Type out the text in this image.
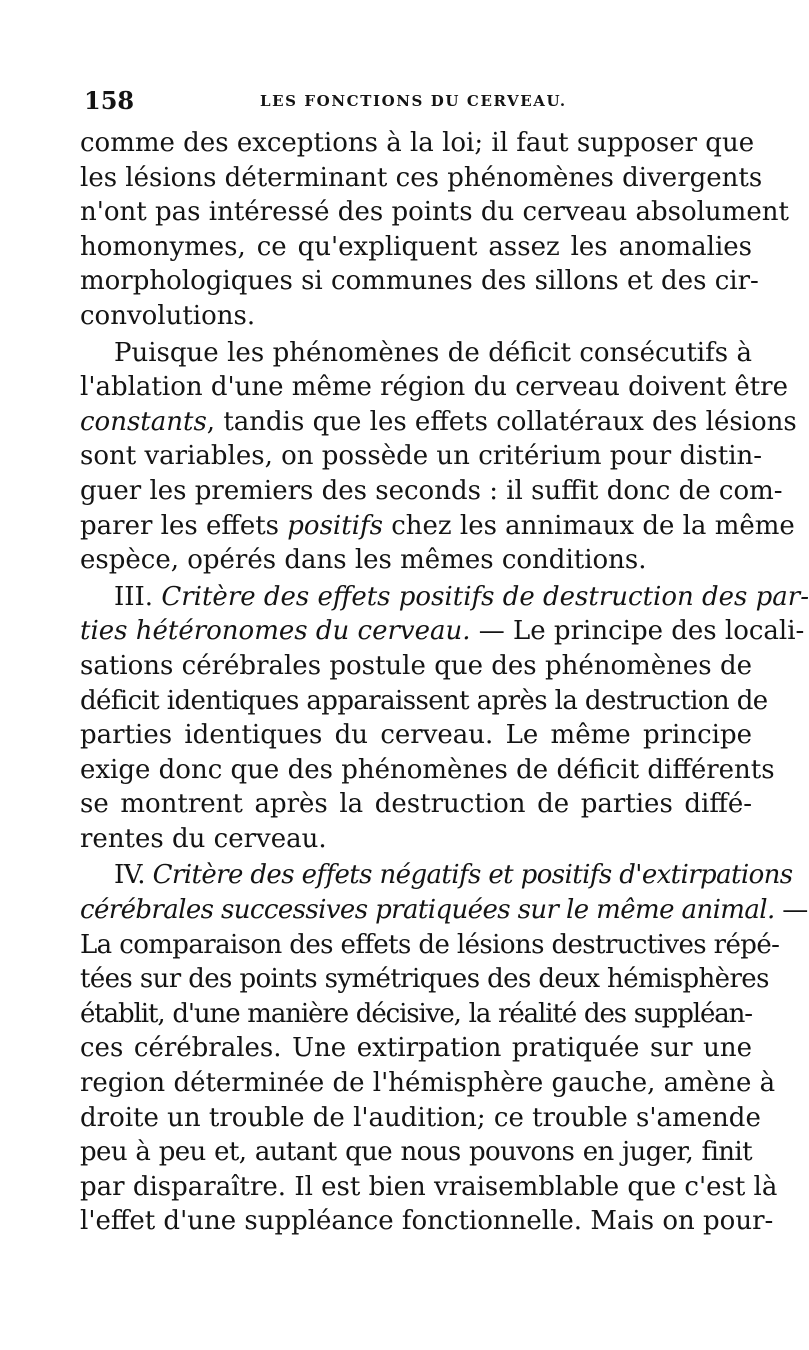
158	LES FONCTIONS DU CERVEAU.
comme des exceptions à la loi; il faut supposer que
les lésions déterminant ces phénomènes divergents
n'ont pas intéressé des points du cerveau absolument
homonymes, ce qu'expliquent assez les anomalies
morphologiques si communes des sillons et des cir-
convolutions.
Puisque les phénomènes de déficit consécutifs à
l'ablation d'une même région du cerveau doivent être
constants, tandis que les effets collatéraux des lésions
sont variables, on possède un critérium pour distin-
guer les premiers des seconds : il suffit donc de com-
parer les effets positifs chez les annimaux de la même
espèce, opérés dans les mêmes conditions.
III. Critère des effets positifs de destruction des par-
ties hétéronomes du cerveau. — Le principe des locali-
sations cérébrales postule que des phénomènes de
déficit identiques apparaissent après la destruction de
parties identiques du cerveau. Le même principe
exige donc que des phénomènes de déficit différents
se montrent après la destruction de parties diffé-
rentes du cerveau.
IV. Critère des effets négatifs et positifs d'extirpations
cérébrales successives pratiquées sur le même animal. —
La comparaison des effets de lésions destructives répé-
tées sur des points symétriques des deux hémisphères
établit, d'une manière décisive, la réalité des suppléan-
ces cérébrales. Une extirpation pratiquée sur une
region déterminée de l'hémisphère gauche, amène à
droite un trouble de l'audition; ce trouble s'amende
peu à peu et, autant que nous pouvons en juger, finit
par disparaître. Il est bien vraisemblable que c'est là
l'effet d'une suppléance fonctionnelle. Mais on pour-
